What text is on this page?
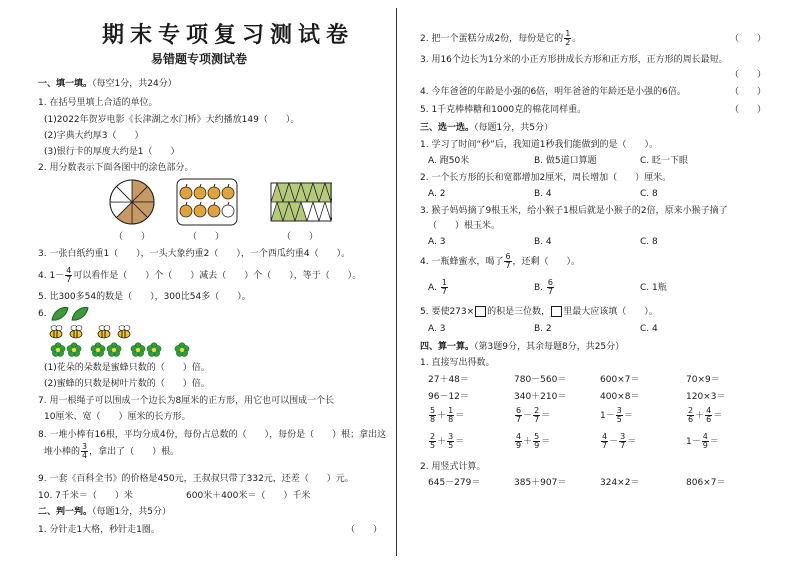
期末专项复习测试卷
易错题专项测试卷
一、填一填。（每空1分，共24分）
1. 在括号里填上合适的单位。
(1)2022年贺岁电影《长津湖之水门桥》大约播放149（　　）。
(2)字典大约厚3（　　）
(3)银行卡的厚度大约是1（　　）
2. 用分数表示下面各图中的涂色部分。
（　　）	（　　）	（　　）
3. 一张白纸约重1（　　），一头大象约重2（　　），一个西瓜约重4（　　）。
4. $1- \frac{4}{7}$ 可以看作是（　　）个（　　）减去（　　）个（　　），等于（　　）。
5. 比300多54的数是（　　），300比54多（　　）。
6.
(1)花朵的朵数是蜜蜂只数的（　　）倍。
(2)蜜蜂的只数是树叶片数的（　　）倍。
7. 用一根绳子可以围成一个边长为8厘米的正方形，用它也可以围成一个长
10厘米、宽（　　）厘米的长方形。
8. 一堆小棒有16根，平均分成4份，每份占总数的（　　），每份是（　　）根；拿出这
堆小棒的 $\frac{3}{4}$ ，拿出了（　　）根。
9. 一套《百科全书》的价格是450元，王叔叔只带了332元，还差（　　）元。
10. 7千米＝（　　）米	600米＋400米＝（　　）千米
二、判一判。（每题1分，共5分）
1. 分针走1大格，秒针走1圈。	（　　）
2. 把一个蛋糕分成2份，每份是它的 $\frac{1}{2}$ 。	（　　）
3. 用16个边长为1分米的小正方形拼成长方形和正方形，正方形的周长最短。
（　　）
4. 今年爸爸的年龄是小强的6倍，明年爸爸的年龄还是小强的6倍。	（　　）
5. 1千克棒棒糖和1000克的棉花同样重。	（　　）
三、选一选。（每题1分，共5分）
1. 学习了时间“秒”后，我知道1秒我们能做到的是（　　）。
A. 跑50米	B. 做5道口算题	C. 眨一下眼
2. 一个长方形的长和宽都增加2厘米，周长增加（　　）厘米。
A. 2	B. 4	C. 8
3. 猴子妈妈摘了9根玉米，给小猴子1根后就是小猴子的2倍，原来小猴子摘了
（　　）根玉米。
A. 3	B. 4	C. 8
4. 一瓶蜂蜜水，喝了 $\frac{6}{7}$ ，还剩（　　）。
A. $\frac{1}{7}$	B. $\frac{6}{7}$	C. 1瓶
5. 要使273× 的积是三位数， 里最大应该填（　　）。
A. 3	B. 2	C. 4
四、算一算。（第3题9分，其余每题8分，共25分）
1. 直接写出得数。
27＋48＝	780－560＝	600×7＝	70×9＝
96－12＝	340＋210＝	400×8＝	120×3＝
$\frac{5}{8} + \frac{1}{8}$ ＝	$\frac{6}{7} - \frac{2}{7}$ ＝	$1- \frac{3}{5}$ ＝	$\frac{2}{6} + \frac{4}{6}$ ＝
$\frac{2}{5} + \frac{3}{5}$ ＝	$\frac{4}{9} + \frac{5}{9}$ ＝	$\frac{4}{7} - \frac{3}{7}$ ＝	$1- \frac{4}{9}$ ＝
2. 用竖式计算。
645－279＝	385＋907＝	324×2＝	806×7＝
